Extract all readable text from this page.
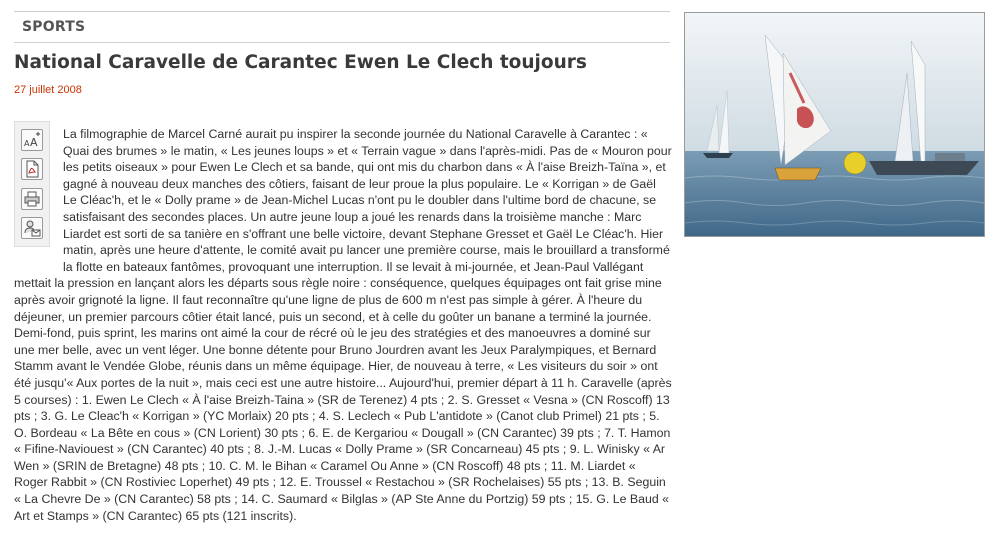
SPORTS
National Caravelle de Carantec Ewen Le Clech toujours
27 juillet 2008
A A

La filmographie de Marcel Carné aurait pu inspirer la seconde journée du National Caravelle à Carantec : « Quai des brumes » le matin, « Les jeunes loups » et « Terrain vague » dans l'après-midi. Pas de « Mouron pour les petits oiseaux » pour Ewen Le Clech et sa bande, qui ont mis du charbon dans « À l'aise Breizh-Taïna », et gagné à nouveau deux manches des côtiers, faisant de leur proue la plus populaire. Le « Korrigan » de Gaël Le Cléac'h, et le « Dolly prame » de Jean-Michel Lucas n'ont pu le doubler dans l'ultime bord de chacune, se satisfaisant des secondes places. Un autre jeune loup a joué les renards dans la troisième manche : Marc Liardet est sorti de sa tanière en s'offrant une belle victoire, devant Stephane Gresset et Gaël Le Cléac'h. Hier matin, après une heure d'attente, le comité avait pu lancer une première course, mais le brouillard a transformé la flotte en bateaux fantômes, provoquant une interruption. Il se levait à mi-journée, et Jean-Paul Vallégant mettait la pression en lançant alors les départs sous règle noire : conséquence, quelques équipages ont fait grise mine après avoir grignoté la ligne. Il faut reconnaître qu'une ligne de plus de 600 m n'est pas simple à gérer. À l'heure du déjeuner, un premier parcours côtier était lancé, puis un second, et à celle du goûter un banane a terminé la journée. Demi-fond, puis sprint, les marins ont aimé la cour de récré où le jeu des stratégies et des manoeuvres a dominé sur une mer belle, avec un vent léger. Une bonne détente pour Bruno Jourdren avant les Jeux Paralympiques, et Bernard Stamm avant le Vendée Globe, réunis dans un même équipage. Hier, de nouveau à terre, « Les visiteurs du soir » ont été jusqu'« Aux portes de la nuit », mais ceci est une autre histoire... Aujourd'hui, premier départ à 11 h. Caravelle (après 5 courses) : 1. Ewen Le Clech « À l'aise Breizh-Taina » (SR de Terenez) 4 pts ; 2. S. Gresset « Vesna » (CN Roscoff) 13 pts ; 3. G. Le Cleac'h « Korrigan » (YC Morlaix) 20 pts ; 4. S. Leclech « Pub L'antidote » (Canot club Primel) 21 pts ; 5. O. Bordeau « La Bête en cous » (CN Lorient) 30 pts ; 6. E. de Kergariou « Dougall » (CN Carantec) 39 pts ; 7. T. Hamon « Fifine-Naviouest » (CN Carantec) 40 pts ; 8. J.-M. Lucas « Dolly Prame » (SR Concarneau) 45 pts ; 9. L. Winisky « Ar Wen » (SRIN de Bretagne) 48 pts ; 10. C. M. le Bihan « Caramel Ou Anne » (CN Roscoff) 48 pts ; 11. M. Liardet « Roger Rabbit » (CN Rostiviec Loperhet) 49 pts ; 12. E. Troussel « Restachou » (SR Rochelaises) 55 pts ; 13. B. Seguin « La Chevre De » (CN Carantec) 58 pts ; 14. C. Saumard « Bilglas » (AP Ste Anne du Portzig) 59 pts ; 15. G. Le Baud « Art et Stamps » (CN Carantec) 65 pts (121 inscrits).
